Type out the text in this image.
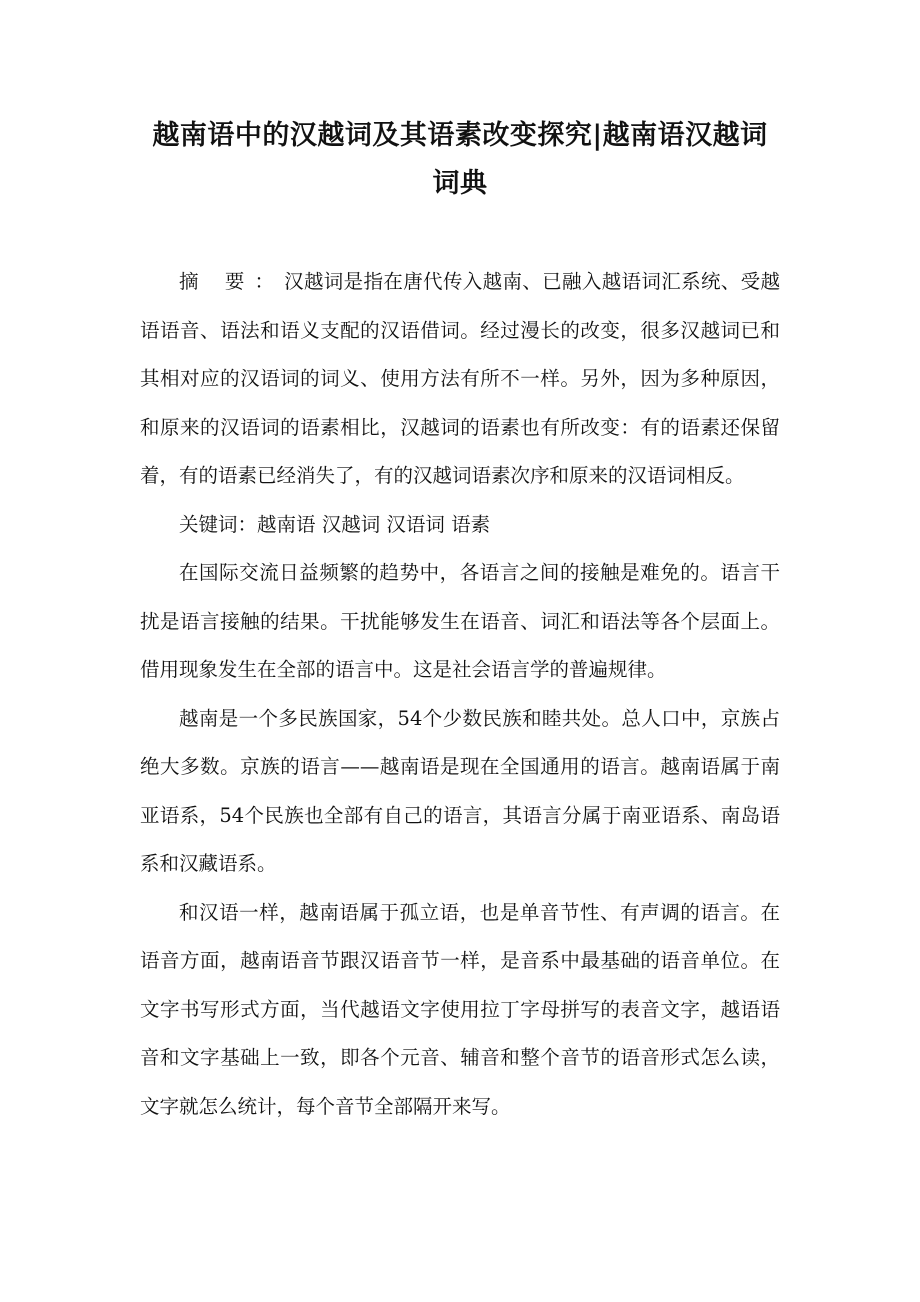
越南语中的汉越词及其语素改变探究|越南语汉越词词典

摘 要：汉越词是指在唐代传入越南、已融入越语词汇系统、受越语语音、语法和语义支配的汉语借词。经过漫长的改变，很多汉越词已和其相对应的汉语词的词义、使用方法有所不一样。另外，因为多种原因，和原来的汉语词的语素相比，汉越词的语素也有所改变：有的语素还保留着，有的语素已经消失了，有的汉越词语素次序和原来的汉语词相反。

关键词：越南语 汉越词 汉语词 语素

在国际交流日益频繁的趋势中，各语言之间的接触是难免的。语言干扰是语言接触的结果。干扰能够发生在语音、词汇和语法等各个层面上。借用现象发生在全部的语言中。这是社会语言学的普遍规律。

越南是一个多民族国家，54个少数民族和睦共处。总人口中，京族占绝大多数。京族的语言——越南语是现在全国通用的语言。越南语属于南亚语系，54个民族也全部有自己的语言，其语言分属于南亚语系、南岛语系和汉藏语系。

和汉语一样，越南语属于孤立语，也是单音节性、有声调的语言。在语音方面，越南语音节跟汉语音节一样，是音系中最基础的语音单位。在文字书写形式方面，当代越语文字使用拉丁字母拼写的表音文字，越语语音和文字基础上一致，即各个元音、辅音和整个音节的语音形式怎么读，文字就怎么统计，每个音节全部隔开来写。
